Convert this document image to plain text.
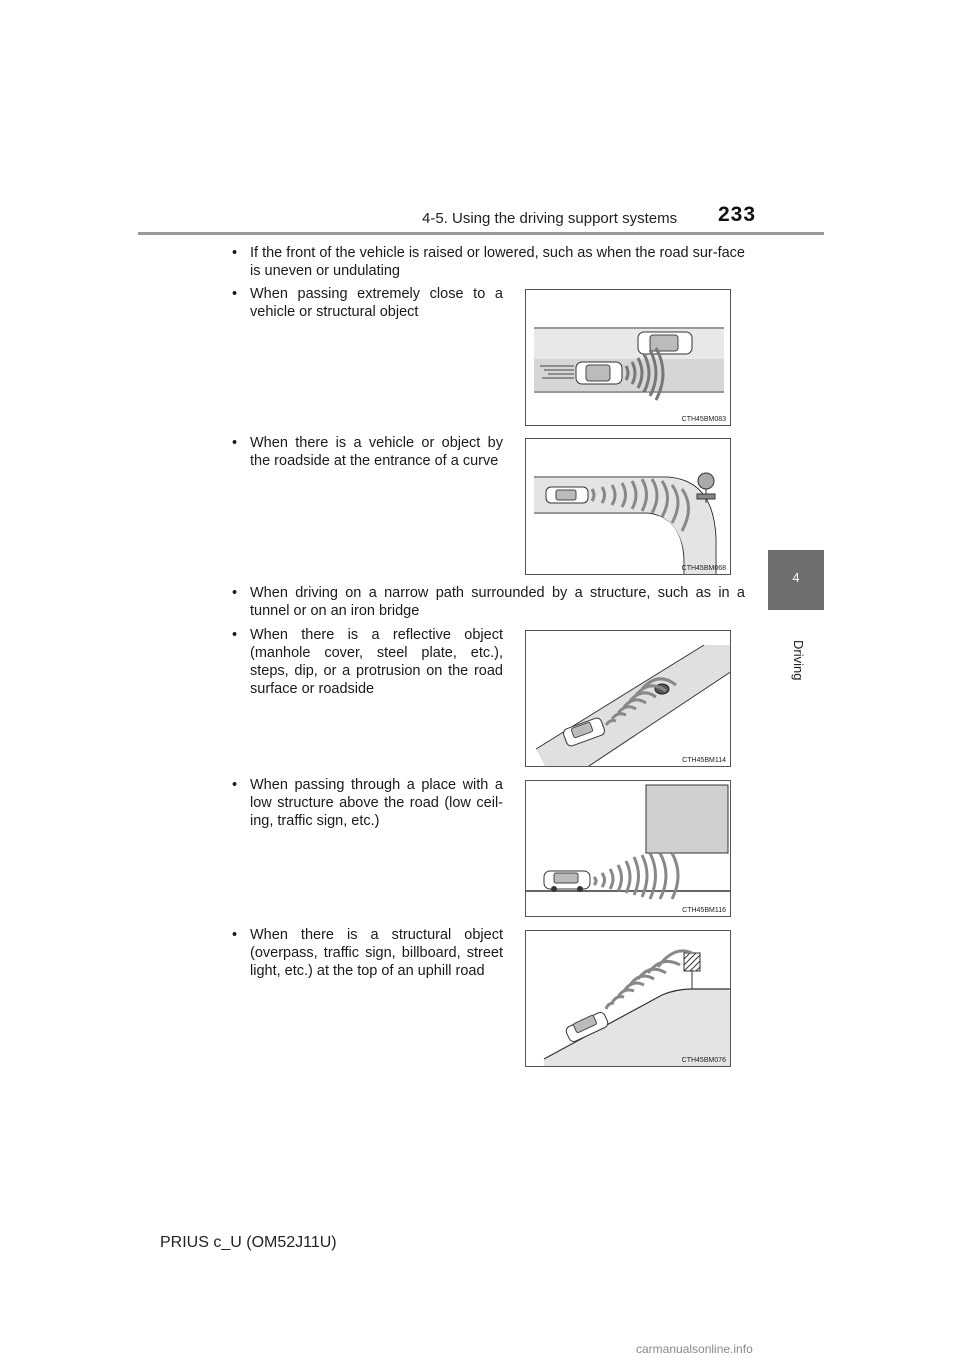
4-5. Using the driving support systems 233
4
Driving
• If the front of the vehicle is raised or lowered, such as when the road sur-face is uneven or undulating
• When passing extremely close to a vehicle or structural object
CTH45BM083
• When there is a vehicle or object by the roadside at the entrance of a curve
CTH45BM068
• When driving on a narrow path surrounded by a structure, such as in a tunnel or on an iron bridge
• When there is a reflective object (manhole cover, steel plate, etc.), steps, dip, or a protrusion on the road surface or roadside
CTH45BM114
• When passing through a place with a low structure above the road (low ceil-ing, traffic sign, etc.)
CTH45BM116
• When there is a structural object (overpass, traffic sign, billboard, street light, etc.) at the top of an uphill road
CTH45BM076
PRIUS c_U (OM52J11U)
carmanualsonline.info
